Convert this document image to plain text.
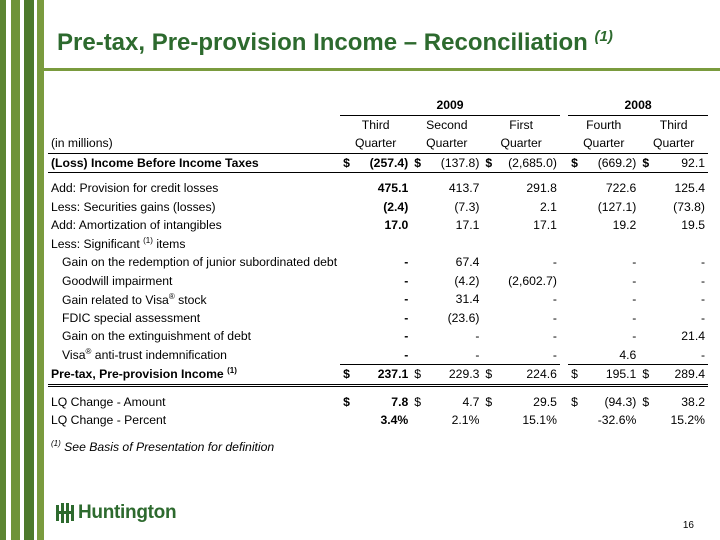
Pre-tax, Pre-provision Income – Reconciliation $^{(1)}$
	2009							2008			
	Third		Second		First			Fourth		Third	
(in millions)	Quarter		Quarter		Quarter			Quarter		Quarter	
(Loss) Income Before Income Taxes	$	(257.4)	$	(137.8)	$	(2,685.0)		$	(669.2)	$	92.1

Add: Provision for credit losses		475.1		413.7		291.8			722.6		125.4
Less: Securities gains (losses)		(2.4)		(7.3)		2.1			(127.1)		(73.8)
Add: Amortization of intangibles		17.0		17.1		17.1			19.2		19.5
Less: Significant $^{(1)}$ items											
Gain on the redemption of junior subordinated debt		-		67.4		-			-		-
Goodwill impairment		-		(4.2)		(2,602.7)			-		-
Gain related to Visa® stock		-		31.4		-			-		-
FDIC special assessment		-		(23.6)		-			-		-
Gain on the extinguishment of debt		-		-		-			-		21.4
Visa® anti-trust indemnification		-		-		-			4.6		-
Pre-tax, Pre-provision Income $^{(1)}$	$	237.1	$	229.3	$	224.6		$	195.1	$	289.4

LQ Change - Amount	$	7.8	$	4.7	$	29.5		$	(94.3)	$	38.2
LQ Change - Percent		3.4%		2.1%		15.1%			-32.6%		15.2%

$^{(1)}$ See Basis of Presentation for definition											
Huntington
16
